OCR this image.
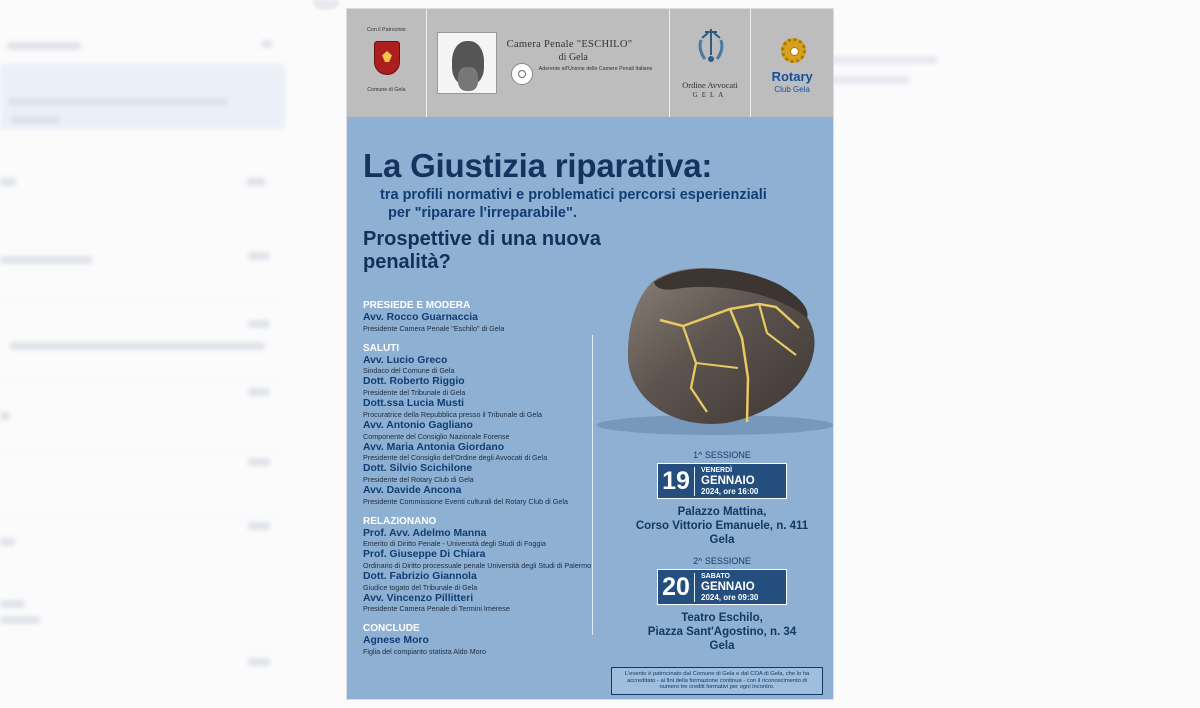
Con il Patrocinio
Comune di Gela
Camera Penale "ESCHILO"
di Gela
Aderente all'Unione delle Camere Penali Italiane
Ordine Avvocati
GELA
Rotary
Club Gela
La Giustizia riparativa:
tra profili normativi e problematici percorsi esperienziali
per "riparare l'irreparabile".
Prospettive di una nuova
penalità?
PRESIEDE E MODERA
Avv. Rocco Guarnaccia
Presidente Camera Penale "Eschilo" di Gela
SALUTI
Avv. Lucio Greco
Sindaco del Comune di Gela
Dott. Roberto Riggio
Presidente del Tribunale di Gela
Dott.ssa Lucia Musti
Procuratrice della Repubblica presso il Tribunale di Gela
Avv. Antonio Gagliano
Componente del Consiglio Nazionale Forense
Avv. Maria Antonia Giordano
Presidente del Consiglio dell'Ordine degli Avvocati di Gela
Dott. Silvio Scichilone
Presidente del Rotary Club di Gela
Avv. Davide Ancona
Presidente Commissione Eventi culturali del Rotary Club di Gela
RELAZIONANO
Prof. Avv. Adelmo Manna
Emerito di Diritto Penale - Università degli Studi di Foggia
Prof. Giuseppe Di Chiara
Ordinario di Diritto processuale penale Università degli Studi di Palermo
Dott. Fabrizio Giannola
Giudice togato del Tribunale di Gela
Avv. Vincenzo Pillitteri
Presidente Camera Penale di Termini Imerese
CONCLUDE
Agnese Moro
Figlia del compianto statista Aldo Moro
1^ SESSIONE
19	VENERDÌ
GENNAIO
2024, ore 16:00
Palazzo Mattina,
Corso Vittorio Emanuele, n. 411
Gela
2^ SESSIONE
20	SABATO
GENNAIO
2024, ore 09:30
Teatro Eschilo,
Piazza Sant'Agostino, n. 34
Gela
L'evento è patrocinato dal Comune di Gela e dal COA di Gela, che lo ha accreditato - ai fini della formazione continua - con il riconoscimento di numero tre crediti formativi per ogni incontro.
